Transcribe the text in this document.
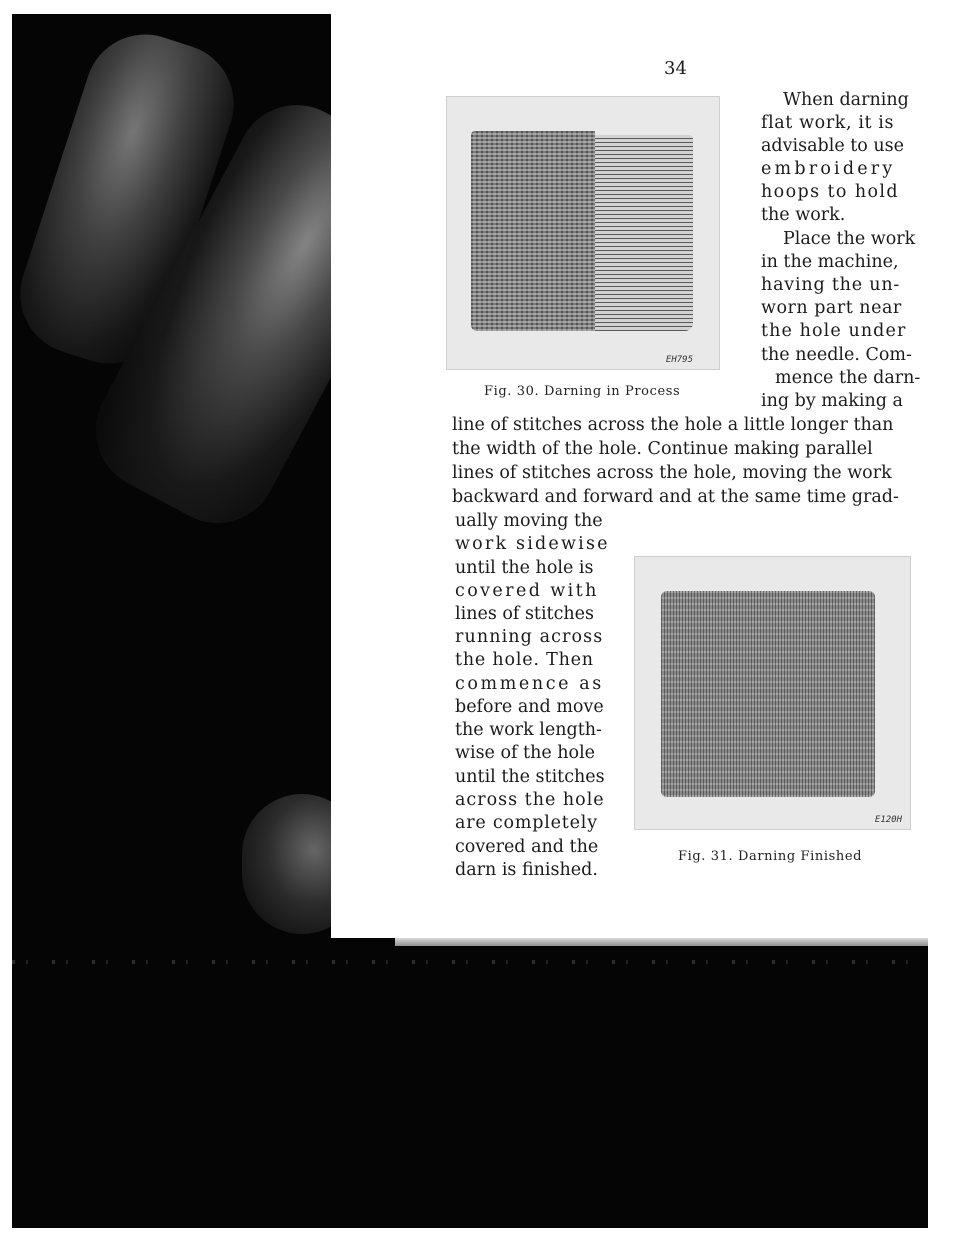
34
EH795
Fig. 30. Darning in Process
When darning
flat work, it is
advisable to use
embroidery
hoops to hold
the work.
Place the work
in the machine,
having the un-
worn part near
the hole under
the needle. Com-
mence the darn-
ing by making a
line of stitches across the hole a little longer than
the width of the hole. Continue making parallel
lines of stitches across the hole, moving the work
backward and forward and at the same time grad-
ually moving the
work sidewise
until the hole is
covered with
lines of stitches
running across
the hole. Then
commence as
before and move
the work length-
wise of the hole
until the stitches
across the hole
are completely
covered and the
darn is finished.
E120H
Fig. 31. Darning Finished
